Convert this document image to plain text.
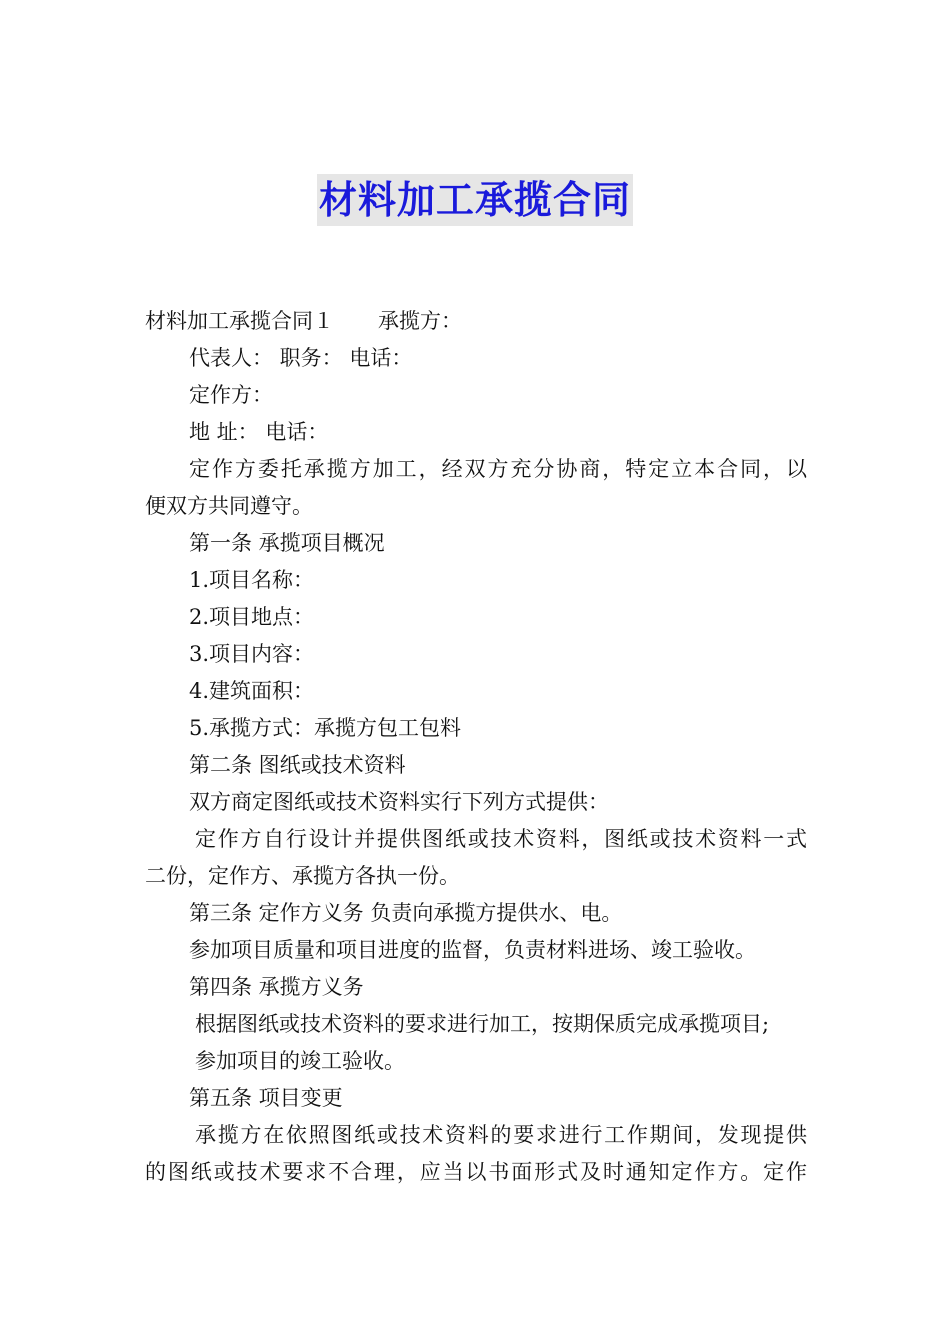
材料加工承揽合同
材料加工承揽合同１ 承揽方：
代表人： 职务： 电话：
定作方：
地 址： 电话：
定作方委托承揽方加工，经双方充分协商，特定立本合同，以
便双方共同遵守。
第一条 承揽项目概况
1.项目名称：
2.项目地点：
3.项目内容：
4.建筑面积：
5.承揽方式：承揽方包工包料
第二条 图纸或技术资料
双方商定图纸或技术资料实行下列方式提供：
定作方自行设计并提供图纸或技术资料，图纸或技术资料一式
二份，定作方、承揽方各执一份。
第三条 定作方义务 负责向承揽方提供水、电。
参加项目质量和项目进度的监督，负责材料进场、竣工验收。
第四条 承揽方义务
根据图纸或技术资料的要求进行加工，按期保质完成承揽项目;
参加项目的竣工验收。
第五条 项目变更
承揽方在依照图纸或技术资料的要求进行工作期间，发现提供
的图纸或技术要求不合理，应当以书面形式及时通知定作方。定作
